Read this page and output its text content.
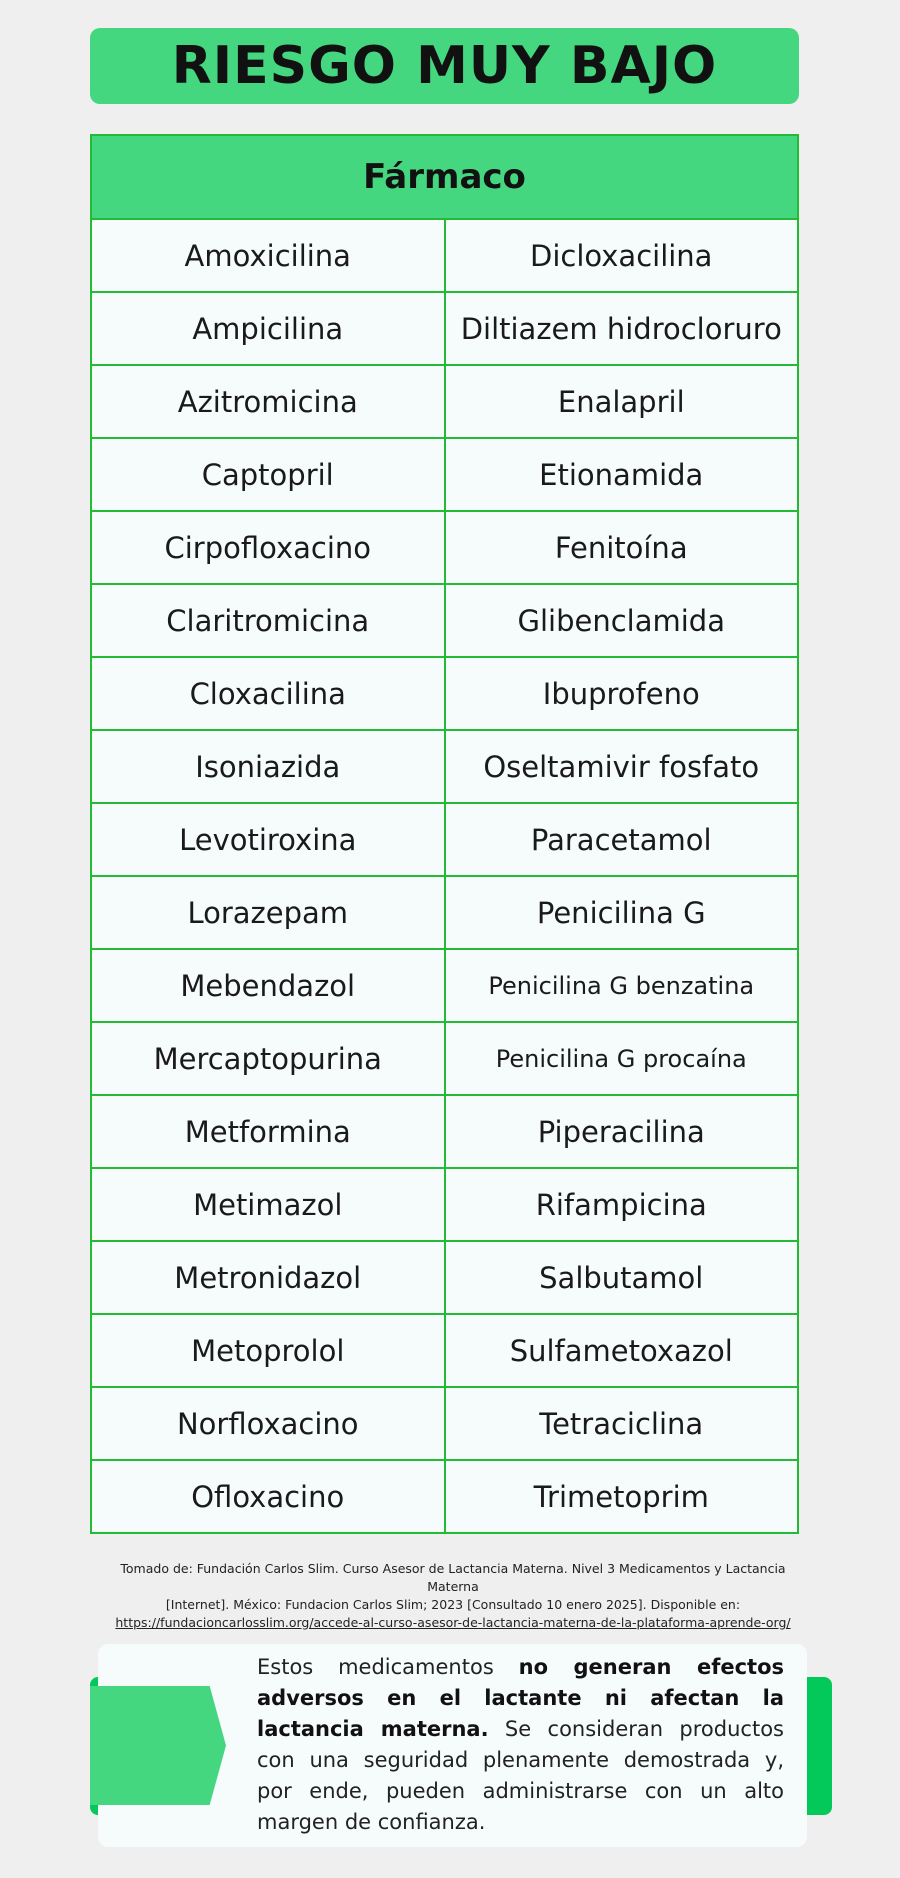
RIESGO MUY BAJO
Fármaco	
Amoxicilina	Dicloxacilina
Ampicilina	Diltiazem hidrocloruro
Azitromicina	Enalapril
Captopril	Etionamida
Cirpofloxacino	Fenitoína
Claritromicina	Glibenclamida
Cloxacilina	Ibuprofeno
Isoniazida	Oseltamivir fosfato
Levotiroxina	Paracetamol
Lorazepam	Penicilina G
Mebendazol	Penicilina G benzatina
Mercaptopurina	Penicilina G procaína
Metformina	Piperacilina
Metimazol	Rifampicina
Metronidazol	Salbutamol
Metoprolol	Sulfametoxazol
Norfloxacino	Tetraciclina
Ofloxacino	Trimetoprim
Tomado de: Fundación Carlos Slim. Curso Asesor de Lactancia Materna. Nivel 3 Medicamentos y Lactancia Materna
[Internet]. México: Fundacion Carlos Slim; 2023 [Consultado 10 enero 2025]. Disponible en:
https://fundacioncarlosslim.org/accede-al-curso-asesor-de-lactancia-materna-de-la-plataforma-aprende-org/

Estos medicamentos no generan efectos adversos en el lactante ni afectan la lactancia materna. Se consideran productos con una seguridad plenamente demostrada y, por ende, pueden administrarse con un alto margen de confianza.
